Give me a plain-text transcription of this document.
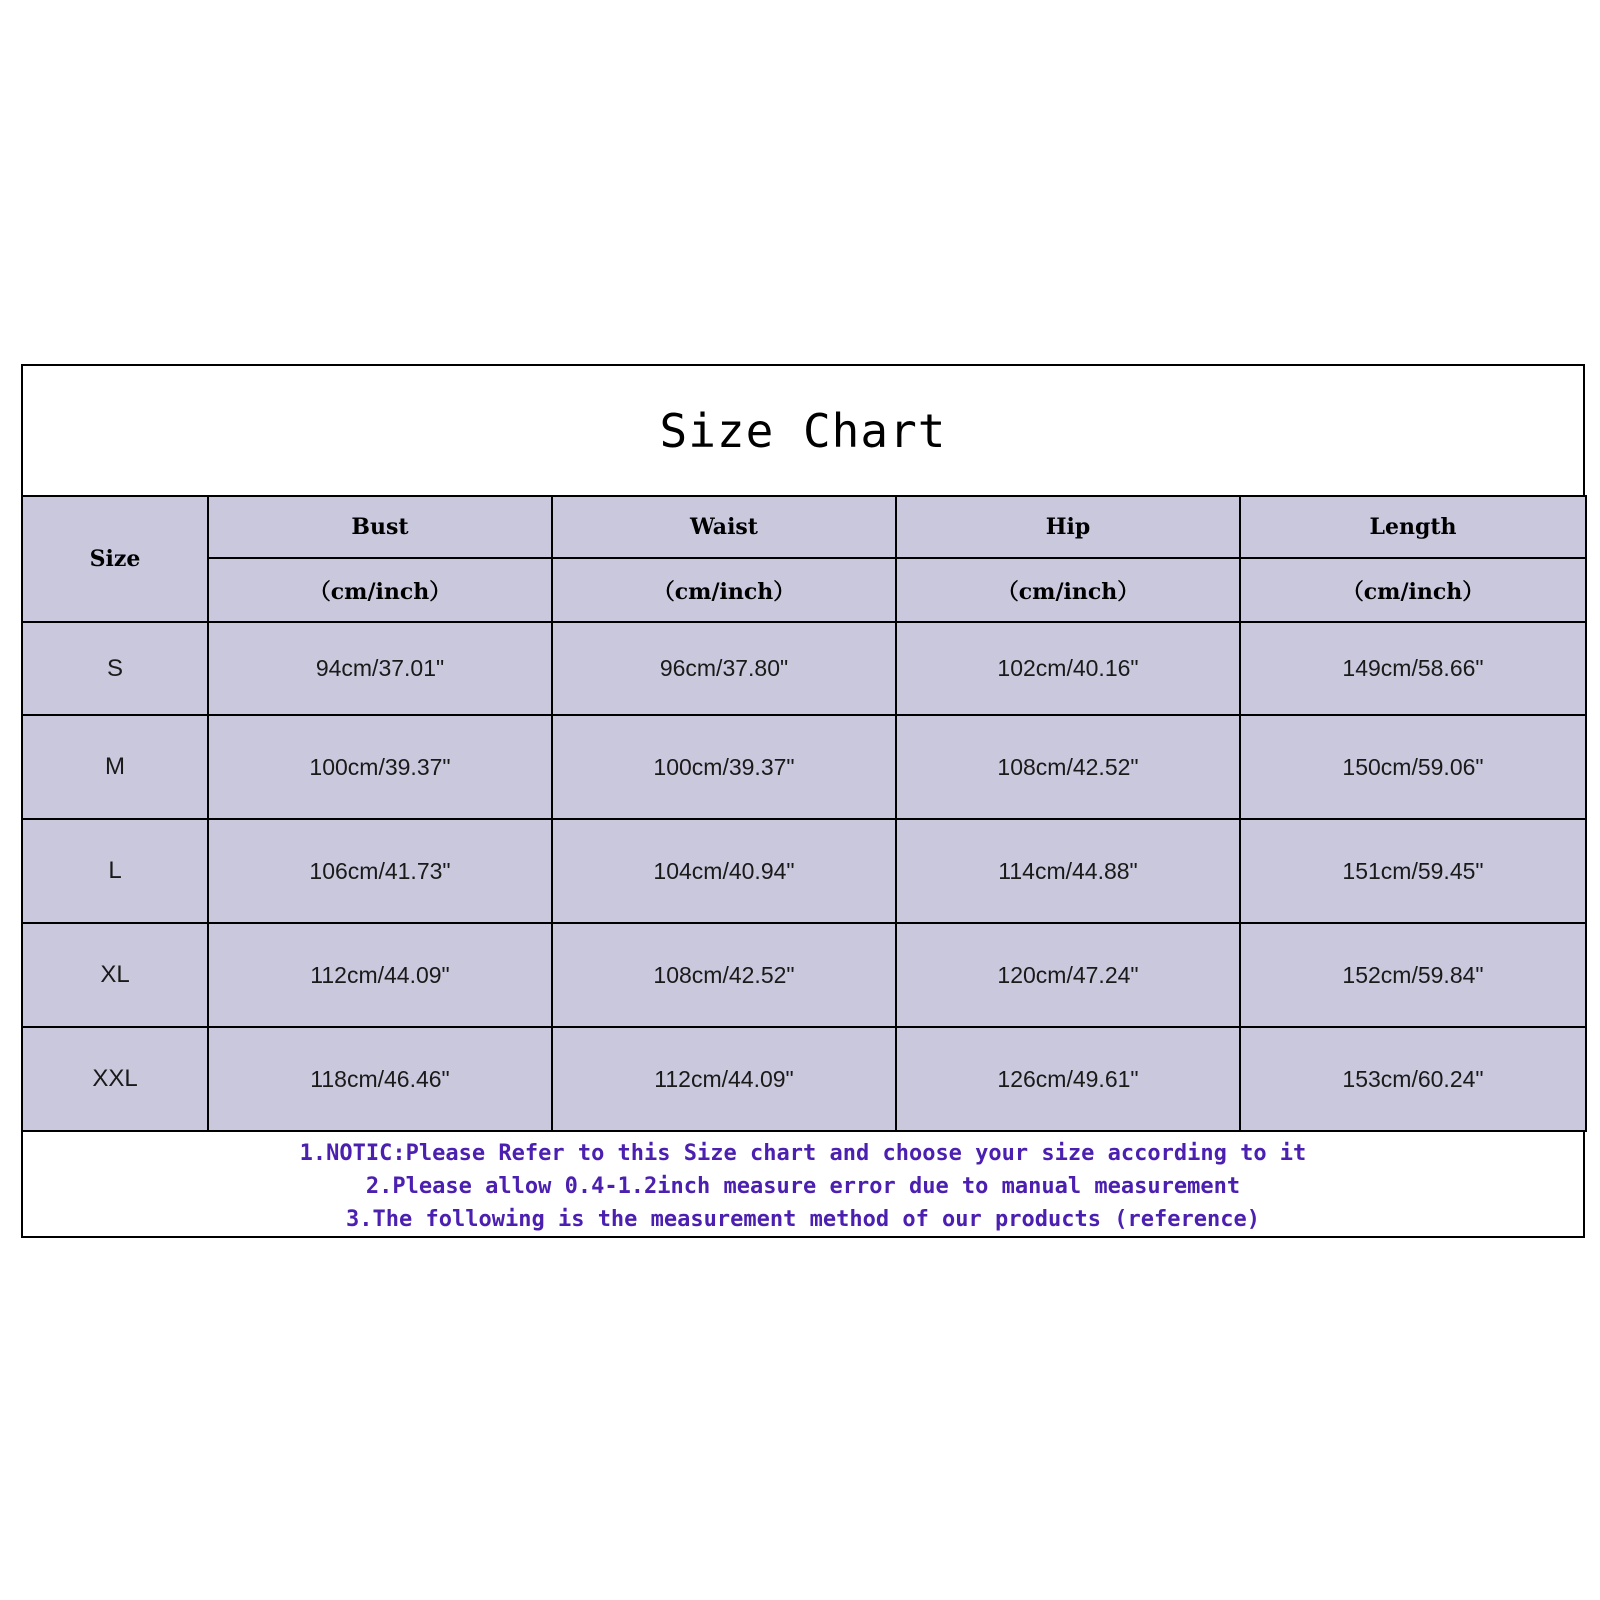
Size Chart
Size	Bust	Waist	Hip	Length
	（cm/inch）	（cm/inch）	（cm/inch）	（cm/inch）
S	94cm/37.01"	96cm/37.80"	102cm/40.16"	149cm/58.66"
M	100cm/39.37"	100cm/39.37"	108cm/42.52"	150cm/59.06"
L	106cm/41.73"	104cm/40.94"	114cm/44.88"	151cm/59.45"
XL	112cm/44.09"	108cm/42.52"	120cm/47.24"	152cm/59.84"
XXL	118cm/46.46"	112cm/44.09"	126cm/49.61"	153cm/60.24"
1.NOTIC:Please Refer to this Size chart and choose your size according to it
2.Please allow 0.4-1.2inch measure error due to manual measurement
3.The following is the measurement method of our products (reference)
